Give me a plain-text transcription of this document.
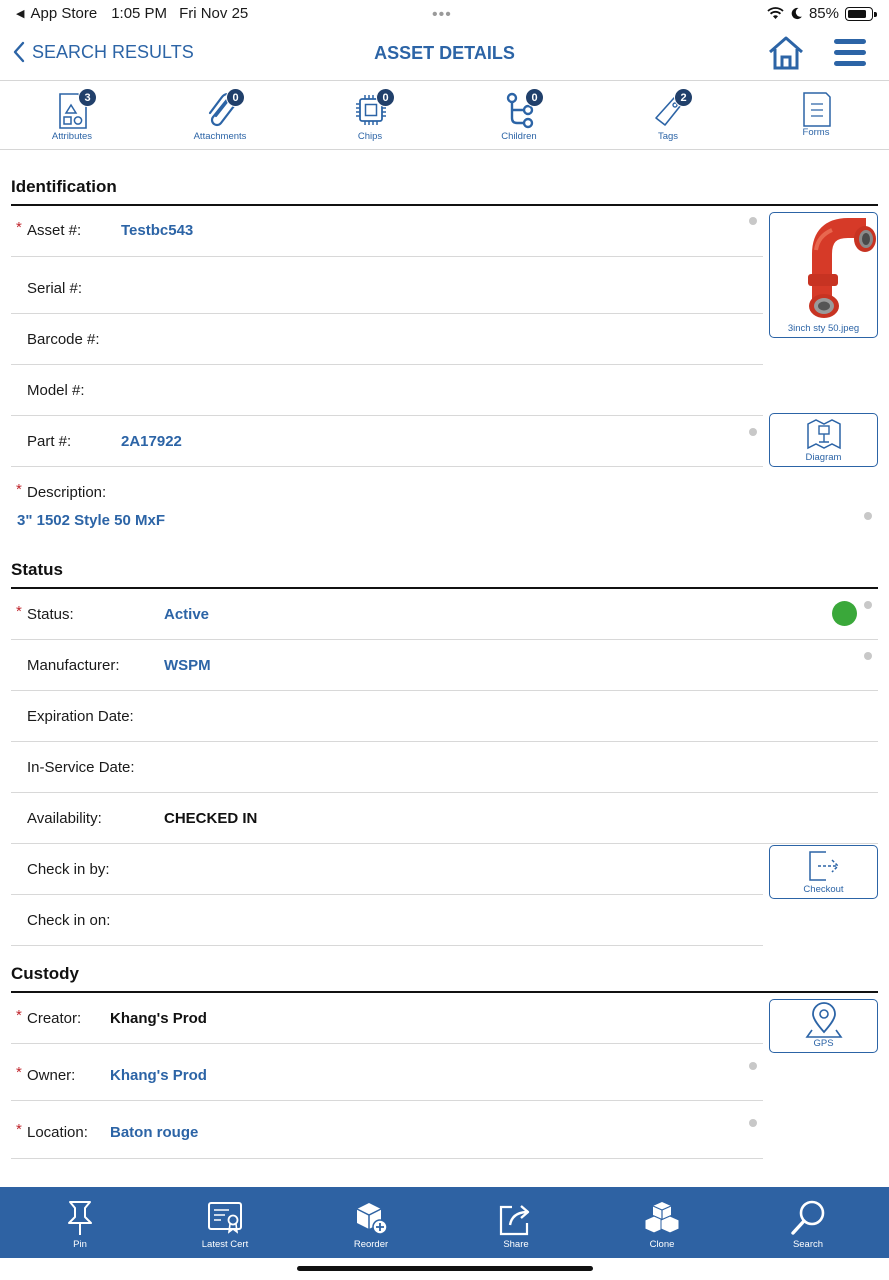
◀ App Store 1:05 PM Fri Nov 25	•••	85%
SEARCH RESULTS	ASSET DETAILS
3
Attributes
0
Attachments
0
Chips
0
Children
2
Tags	Forms
Identification
* Asset #:	Testbc543
Serial #:
Barcode #:
Model #:
Part #:	2A17922
* Description:
3" 1502 Style 50 MxF
3inch sty 50.jpeg
Diagram
Status
* Status:	Active
Manufacturer:	WSPM
Expiration Date:
In-Service Date:
Availability:	CHECKED IN
Check in by:
Check in on:
Checkout
Custody
* Creator: Khang's Prod
* Owner: Khang's Prod
* Location: Baton rouge
GPS
Pin	Latest Cert	Reorder	Share	Clone	Search
